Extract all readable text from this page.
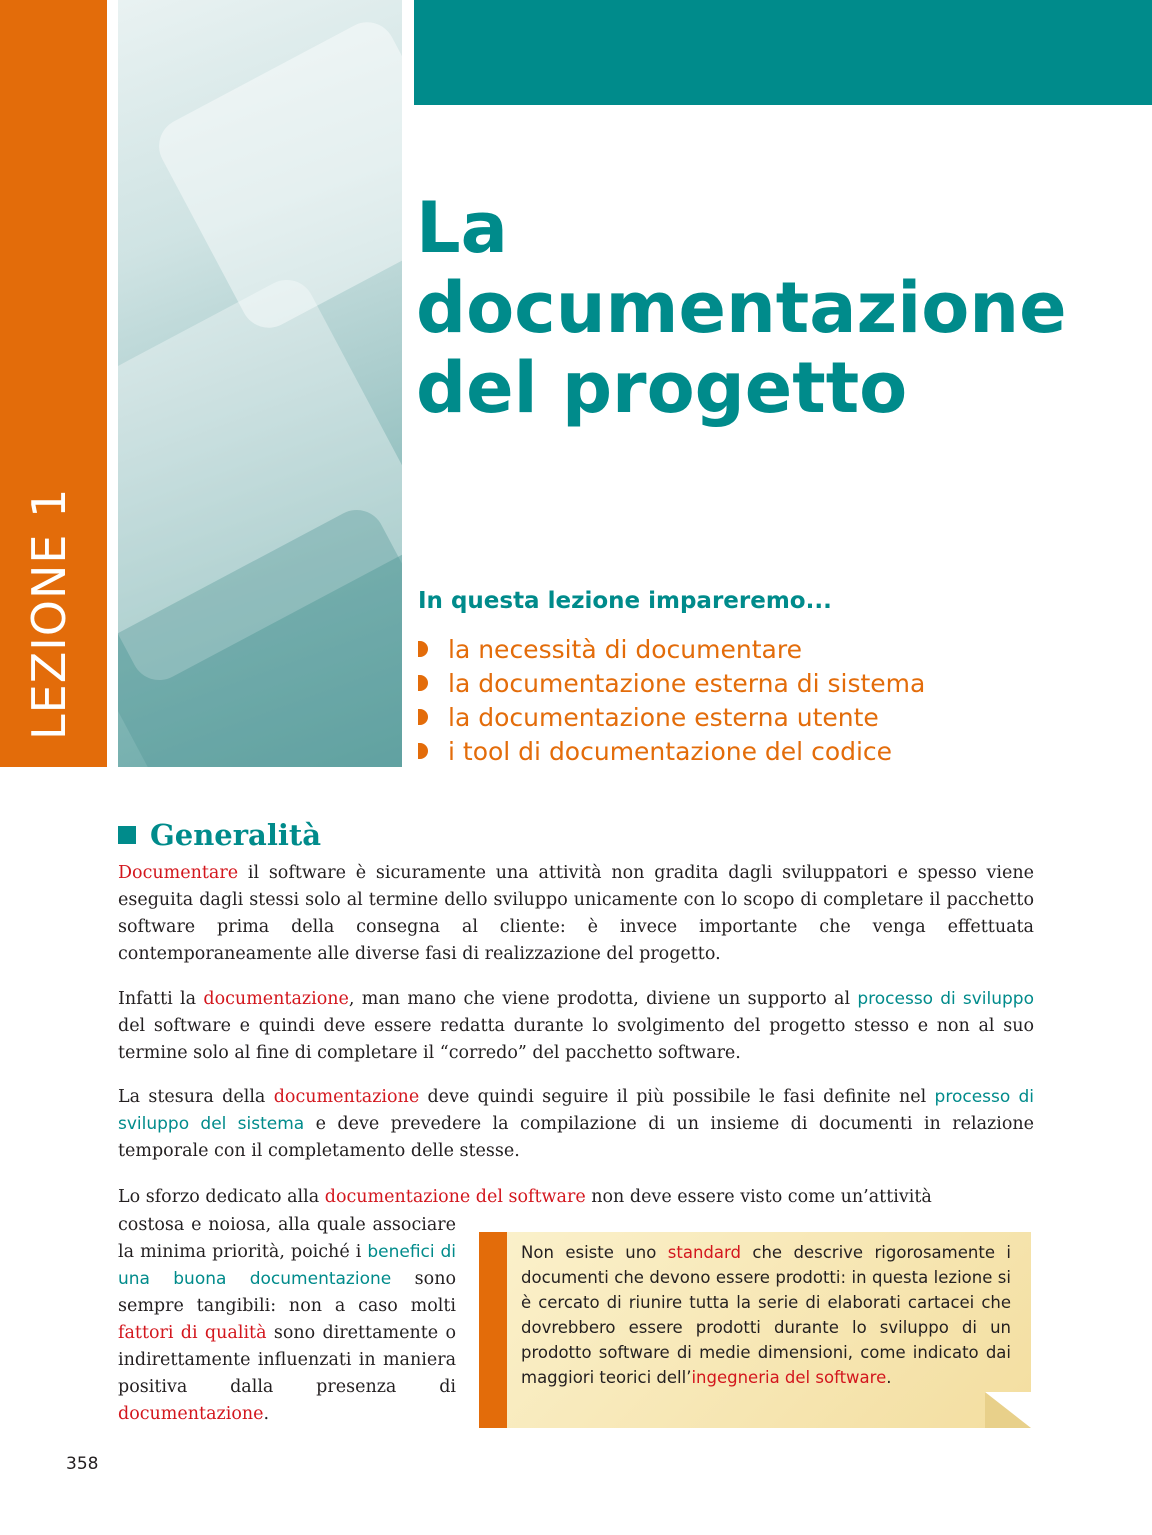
LEZIONE 1
La documentazione del progetto
In questa lezione impareremo...
la necessità di documentare
la documentazione esterna di sistema
la documentazione esterna utente
i tool di documentazione del codice
Generalità

Documentare il software è sicuramente una attività non gradita dagli sviluppatori e spesso viene eseguita dagli stessi solo al termine dello sviluppo unicamente con lo scopo di completare il pacchetto software prima della consegna al cliente: è invece importante che venga effettuata contemporaneamente alle diverse fasi di realizzazione del progetto.

Infatti la documentazione, man mano che viene prodotta, diviene un supporto al processo di sviluppo del software e quindi deve essere redatta durante lo svolgimento del progetto stesso e non al suo termine solo al fine di completare il “corredo” del pacchetto software.

La stesura della documentazione deve quindi seguire il più possibile le fasi definite nel processo di sviluppo del sistema e deve prevedere la compilazione di un insieme di documenti in relazione temporale con il completamento delle stesse.

Lo sforzo dedicato alla documentazione del software non deve essere visto come un’attività

costosa e noiosa, alla quale associare la minima priorità, poiché i benefici di una buona documentazione sono sempre tangibili: non a caso molti fattori di qualità sono direttamente o indirettamente influenzati in maniera positiva dalla presenza di documentazione.

Non esiste uno standard che descrive rigorosamente i documenti che devono essere prodotti: in questa lezione si è cercato di riunire tutta la serie di elaborati cartacei che dovrebbero essere prodotti durante lo sviluppo di un prodotto software di medie dimensioni, come indicato dai maggiori teorici dell’ingegneria del software.

358
